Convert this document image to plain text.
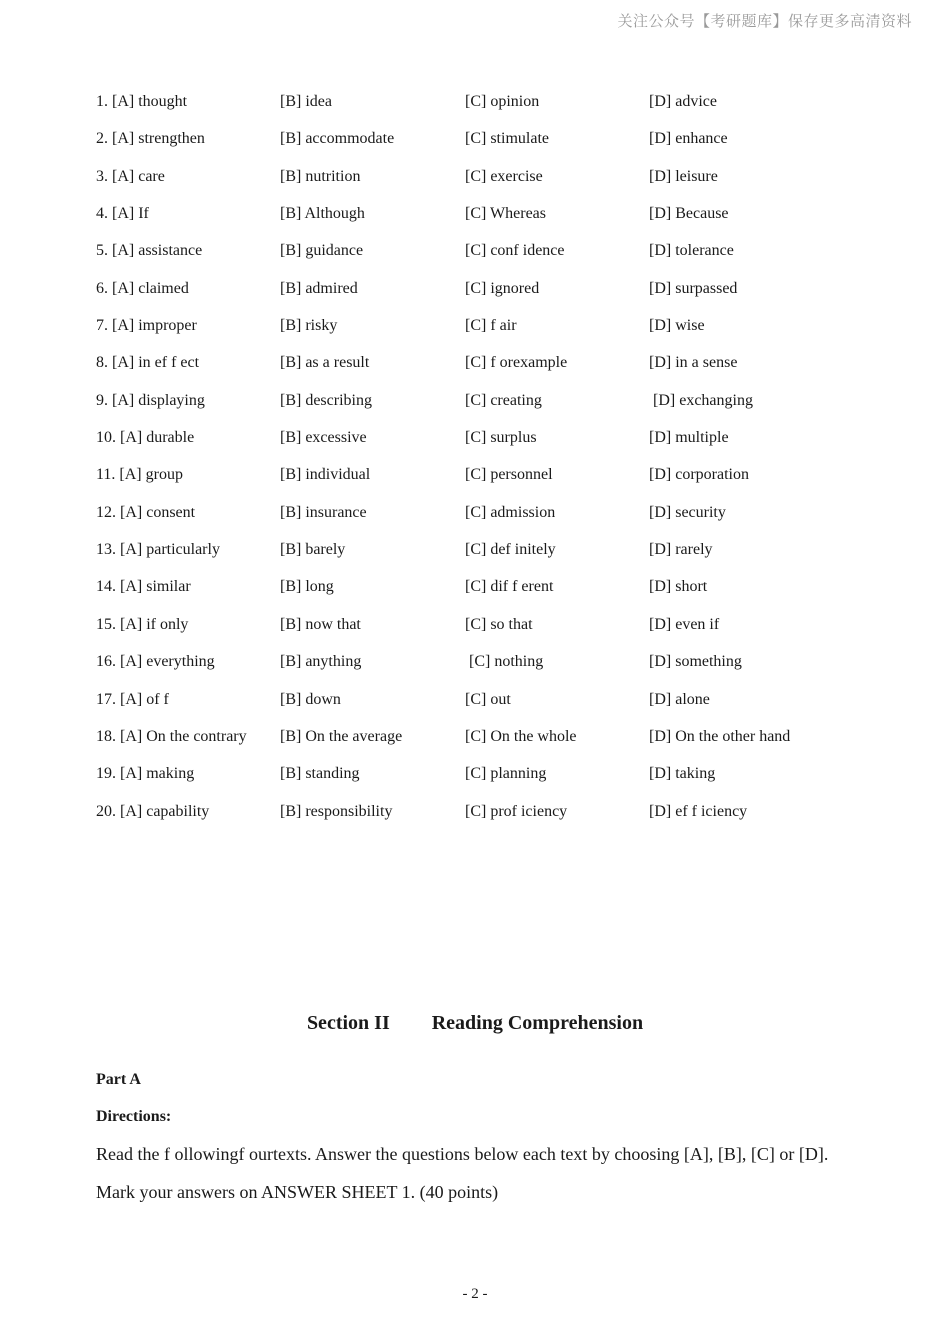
关注公众号【考研题库】保存更多高清资料
1. [A] thought	[B] idea	[C] opinion	[D] advice
2. [A] strengthen	[B] accommodate	[C] stimulate	[D] enhance
3. [A] care	[B] nutrition	[C] exercise	[D] leisure
4. [A] If	[B] Although	[C] Whereas	[D] Because
5. [A] assistance	[B] guidance	[C] conf idence	[D] tolerance
6. [A] claimed	[B] admired	[C] ignored	[D] surpassed
7. [A] improper	[B] risky	[C] f air	[D] wise
8. [A] in ef f ect	[B] as a result	[C] f orexample	[D] in a sense
9. [A] displaying	[B] describing	[C] creating	[D] exchanging
10. [A] durable	[B] excessive	[C] surplus	[D] multiple
11. [A] group	[B] individual	[C] personnel	[D] corporation
12. [A] consent	[B] insurance	[C] admission	[D] security
13. [A] particularly	[B] barely	[C] def initely	[D] rarely
14. [A] similar	[B] long	[C] dif f erent	[D] short
15. [A] if only	[B] now that	[C] so that	[D] even if
16. [A] everything	[B] anything	[C] nothing	[D] something
17. [A] of f	[B] down	[C] out	[D] alone
18. [A] On the contrary [B] On the average	[C] On the whole	[D] On the other hand
19. [A] making	[B] standing	[C] planning	[D] taking
20. [A] capability	[B] responsibility	[C] prof iciency	[D] ef f iciency
Section II Reading Comprehension
Part A
Directions:
Read the f ollowingf ourtexts. Answer the questions below each text by choosing [A], [B], [C] or [D].
Mark your answers on ANSWER SHEET 1. (40 points)
- 2 -
